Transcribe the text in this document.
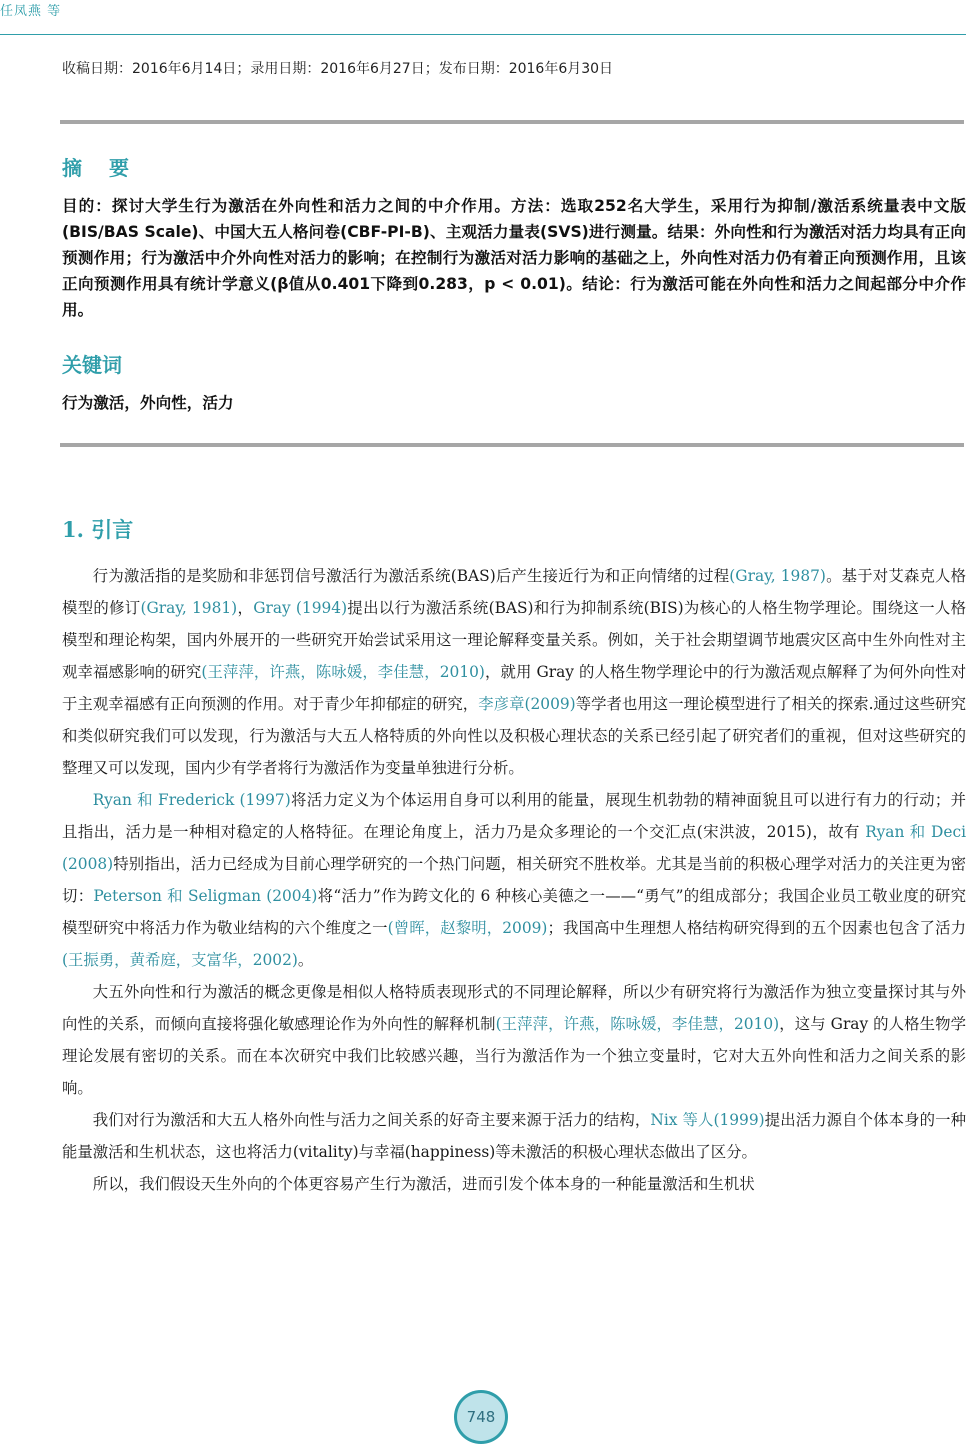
任凤燕 等
收稿日期：2016年6月14日；录用日期：2016年6月27日；发布日期：2016年6月30日
摘 要
目的：探讨大学生行为激活在外向性和活力之间的中介作用。方法：选取252名大学生，采用行为抑制/激活系统量表中文版(BIS/BAS Scale)、中国大五人格问卷(CBF-PI-B)、主观活力量表(SVS)进行测量。结果：外向性和行为激活对活力均具有正向预测作用；行为激活中介外向性对活力的影响；在控制行为激活对活力影响的基础之上，外向性对活力仍有着正向预测作用，且该正向预测作用具有统计学意义(β值从0.401下降到0.283，p < 0.01)。结论：行为激活可能在外向性和活力之间起部分中介作用。
关键词
行为激活，外向性，活力
1. 引言

行为激活指的是奖励和非惩罚信号激活行为激活系统(BAS)后产生接近行为和正向情绪的过程(Gray, 1987)。基于对艾森克人格模型的修订(Gray, 1981)，Gray (1994)提出以行为激活系统(BAS)和行为抑制系统(BIS)为核心的人格生物学理论。围绕这一人格模型和理论构架，国内外展开的一些研究开始尝试采用这一理论解释变量关系。例如，关于社会期望调节地震灾区高中生外向性对主观幸福感影响的研究(王萍萍，许燕，陈咏媛，李佳慧，2010)，就用 Gray 的人格生物学理论中的行为激活观点解释了为何外向性对于主观幸福感有正向预测的作用。对于青少年抑郁症的研究，李彦章(2009)等学者也用这一理论模型进行了相关的探索.通过这些研究和类似研究我们可以发现，行为激活与大五人格特质的外向性以及积极心理状态的关系已经引起了研究者们的重视，但对这些研究的整理又可以发现，国内少有学者将行为激活作为变量单独进行分析。

Ryan 和 Frederick (1997)将活力定义为个体运用自身可以利用的能量，展现生机勃勃的精神面貌且可以进行有力的行动；并且指出，活力是一种相对稳定的人格特征。在理论角度上，活力乃是众多理论的一个交汇点(宋洪波，2015)，故有 Ryan 和 Deci (2008)特别指出，活力已经成为目前心理学研究的一个热门问题，相关研究不胜枚举。尤其是当前的积极心理学对活力的关注更为密切：Peterson 和 Seligman (2004)将“活力”作为跨文化的 6 种核心美德之一——“勇气”的组成部分；我国企业员工敬业度的研究模型研究中将活力作为敬业结构的六个维度之一(曾晖，赵黎明，2009)；我国高中生理想人格结构研究得到的五个因素也包含了活力(王振勇，黄希庭，支富华，2002)。

大五外向性和行为激活的概念更像是相似人格特质表现形式的不同理论解释，所以少有研究将行为激活作为独立变量探讨其与外向性的关系，而倾向直接将强化敏感理论作为外向性的解释机制(王萍萍，许燕，陈咏媛，李佳慧，2010)，这与 Gray 的人格生物学理论发展有密切的关系。而在本次研究中我们比较感兴趣，当行为激活作为一个独立变量时，它对大五外向性和活力之间关系的影响。

我们对行为激活和大五人格外向性与活力之间关系的好奇主要来源于活力的结构，Nix 等人(1999)提出活力源自个体本身的一种能量激活和生机状态，这也将活力(vitality)与幸福(happiness)等未激活的积极心理状态做出了区分。

所以，我们假设天生外向的个体更容易产生行为激活，进而引发个体本身的一种能量激活和生机状

748
